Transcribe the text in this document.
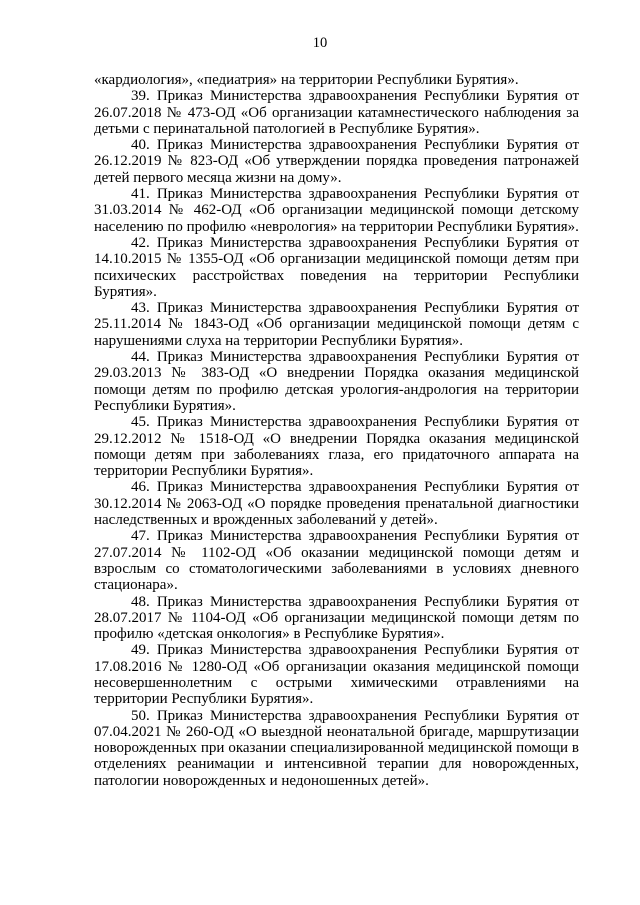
10

«кардиология», «педиатрия» на территории Республики Бурятия».

39. Приказ Министерства здравоохранения Республики Бурятия от 26.07.2018 № 473-ОД «Об организации катамнестического наблюдения за детьми с перинатальной патологией в Республике Бурятия».

40. Приказ Министерства здравоохранения Республики Бурятия от 26.12.2019 № 823-ОД «Об утверждении порядка проведения патронажей детей первого месяца жизни на дому».

41. Приказ Министерства здравоохранения Республики Бурятия от 31.03.2014 № 462-ОД «Об организации медицинской помощи детскому населению по профилю «неврология» на территории Республики Бурятия».

42. Приказ Министерства здравоохранения Республики Бурятия от 14.10.2015 № 1355-ОД «Об организации медицинской помощи детям при психических расстройствах поведения на территории Республики Бурятия».

43. Приказ Министерства здравоохранения Республики Бурятия от 25.11.2014 № 1843-ОД «Об организации медицинской помощи детям с нарушениями слуха на территории Республики Бурятия».

44. Приказ Министерства здравоохранения Республики Бурятия от 29.03.2013 № 383-ОД «О внедрении Порядка оказания медицинской помощи детям по профилю детская урология-андрология на территории Республики Бурятия».

45. Приказ Министерства здравоохранения Республики Бурятия от 29.12.2012 № 1518-ОД «О внедрении Порядка оказания медицинской помощи детям при заболеваниях глаза, его придаточного аппарата на территории Республики Бурятия».

46. Приказ Министерства здравоохранения Республики Бурятия от 30.12.2014 № 2063-ОД «О порядке проведения пренатальной диагностики наследственных и врожденных заболеваний у детей».

47. Приказ Министерства здравоохранения Республики Бурятия от 27.07.2014 № 1102-ОД «Об оказании медицинской помощи детям и взрослым со стоматологическими заболеваниями в условиях дневного стационара».

48. Приказ Министерства здравоохранения Республики Бурятия от 28.07.2017 № 1104-ОД «Об организации медицинской помощи детям по профилю «детская онкология» в Республике Бурятия».

49. Приказ Министерства здравоохранения Республики Бурятия от 17.08.2016 № 1280-ОД «Об организации оказания медицинской помощи несовершеннолетним с острыми химическими отравлениями на территории Республики Бурятия».

50. Приказ Министерства здравоохранения Республики Бурятия от 07.04.2021 № 260-ОД «О выездной неонатальной бригаде, маршрутизации новорожденных при оказании специализированной медицинской помощи в отделениях реанимации и интенсивной терапии для новорожденных, патологии новорожденных и недоношенных детей».
